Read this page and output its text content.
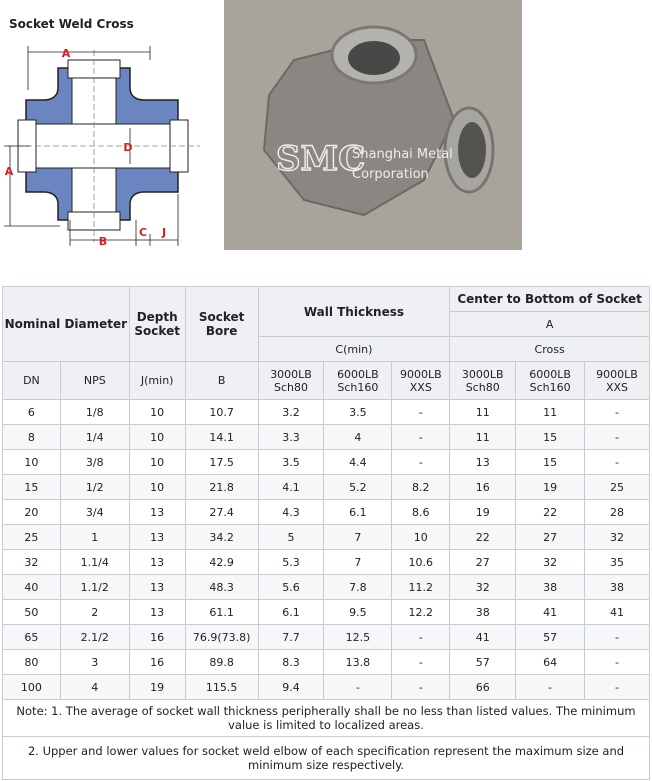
Socket Weld Cross
A
A
B
C
D
J
SMC
Shanghai Metal
Corporation
Nominal Diameter		Depth Socket	Socket Bore	Wall Thickness			Center to Bottom of Socket		
							A		
				C(min)			Cross		
DN	NPS	J(min)	B	3000LB Sch80	6000LB Sch160	9000LB XXS	3000LB Sch80	6000LB Sch160	9000LB XXS
6	1/8	10	10.7	3.2	3.5	-	11	11	-
8	1/4	10	14.1	3.3	4	-	11	15	-
10	3/8	10	17.5	3.5	4.4	-	13	15	-
15	1/2	10	21.8	4.1	5.2	8.2	16	19	25
20	3/4	13	27.4	4.3	6.1	8.6	19	22	28
25	1	13	34.2	5	7	10	22	27	32
32	1.1/4	13	42.9	5.3	7	10.6	27	32	35
40	1.1/2	13	48.3	5.6	7.8	11.2	32	38	38
50	2	13	61.1	6.1	9.5	12.2	38	41	41
65	2.1/2	16	76.9(73.8)	7.7	12.5	-	41	57	-
80	3	16	89.8	8.3	13.8	-	57	64	-
100	4	19	115.5	9.4	-	-	66	-	-
Note: 1. The average of socket wall thickness peripherally shall be no less than listed values. The minimum value is limited to localized areas.									
2. Upper and lower values for socket weld elbow of each specification represent the maximum size and minimum size respectively.									
